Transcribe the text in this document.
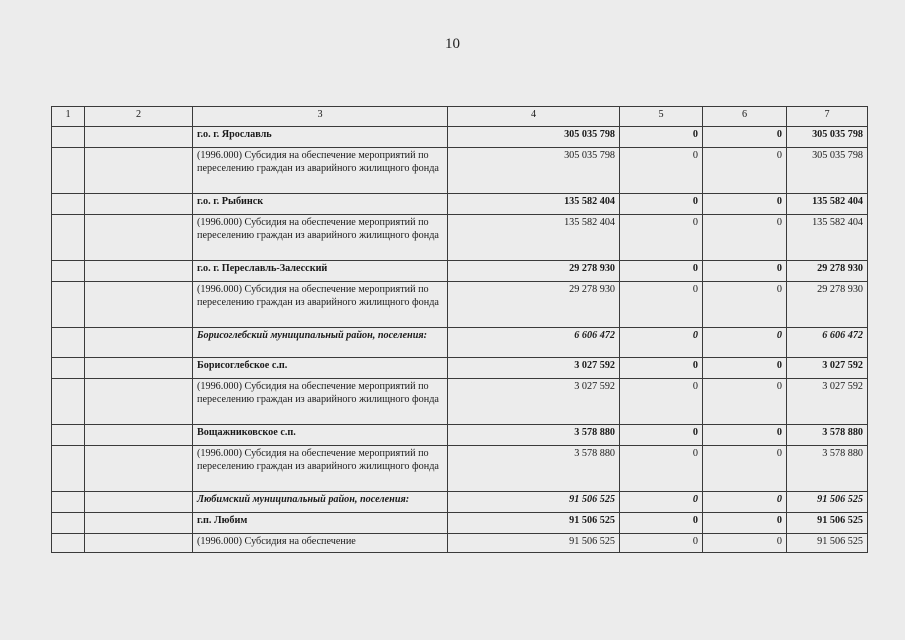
10
1	2	3	4	5	6	7
		г.о. г. Ярославль	305 035 798	0	0	305 035 798
		(1996.000) Субсидия на обеспечение мероприятий по переселению граждан из аварийного жилищного фонда	305 035 798	0	0	305 035 798
		г.о. г. Рыбинск	135 582 404	0	0	135 582 404
		(1996.000) Субсидия на обеспечение мероприятий по переселению граждан из аварийного жилищного фонда	135 582 404	0	0	135 582 404
		г.о. г. Переславль-Залесский	29 278 930	0	0	29 278 930
		(1996.000) Субсидия на обеспечение мероприятий по переселению граждан из аварийного жилищного фонда	29 278 930	0	0	29 278 930
		Борисоглебский муниципальный район, поселения:	6 606 472	0	0	6 606 472
		Борисоглебское с.п.	3 027 592	0	0	3 027 592
		(1996.000) Субсидия на обеспечение мероприятий по переселению граждан из аварийного жилищного фонда	3 027 592	0	0	3 027 592
		Вощажниковское с.п.	3 578 880	0	0	3 578 880
		(1996.000) Субсидия на обеспечение мероприятий по переселению граждан из аварийного жилищного фонда	3 578 880	0	0	3 578 880
		Любимский муниципальный район, поселения:	91 506 525	0	0	91 506 525
		г.п. Любим	91 506 525	0	0	91 506 525
		(1996.000) Субсидия на обеспечение	91 506 525	0	0	91 506 525
